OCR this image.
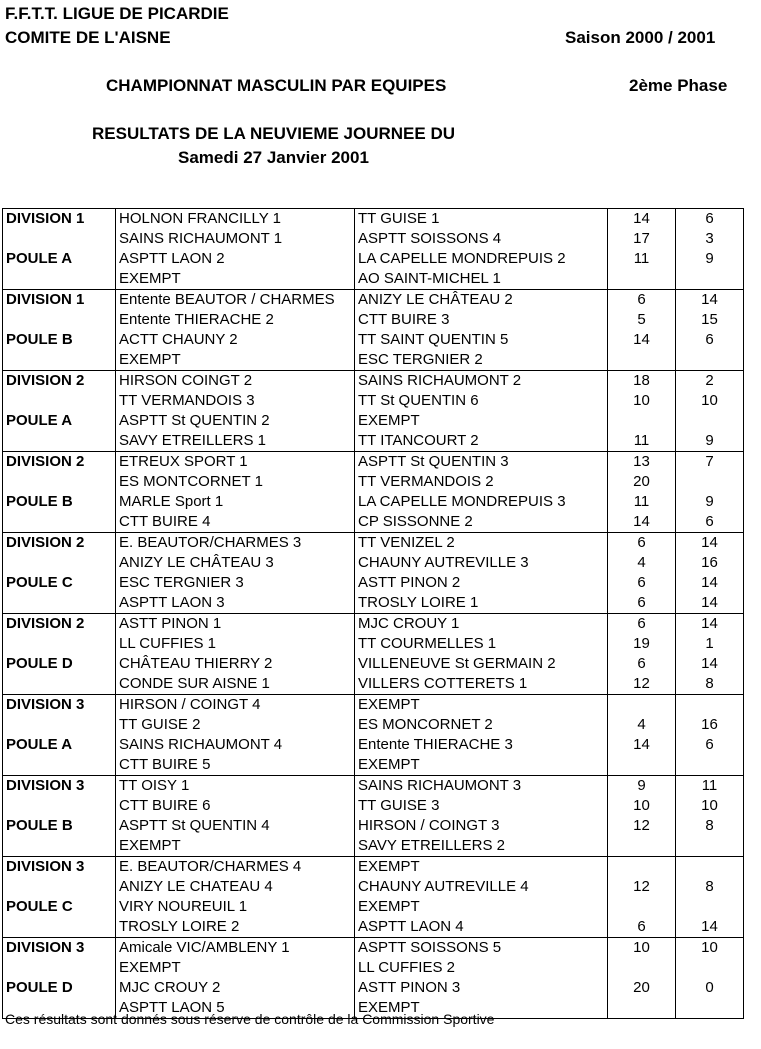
F.F.T.T. LIGUE DE PICARDIE
COMITE DE L'AISNE	Saison 2000 / 2001
CHAMPIONNAT MASCULIN PAR EQUIPES	2ème Phase
RESULTATS DE LA NEUVIEME JOURNEE DU
Samedi 27 Janvier 2001
DIVISION 1	HOLNON FRANCILLY 1	TT GUISE 1	14	6
	SAINS RICHAUMONT 1	ASPTT SOISSONS 4	17	3
POULE A	ASPTT LAON 2	LA CAPELLE MONDREPUIS 2	11	9
	EXEMPT	AO SAINT-MICHEL 1		
DIVISION 1	Entente BEAUTOR / CHARMES	ANIZY LE CHÂTEAU 2	6	14
	Entente THIERACHE 2	CTT BUIRE 3	5	15
POULE B	ACTT CHAUNY 2	TT SAINT QUENTIN 5	14	6
	EXEMPT	ESC TERGNIER 2		
DIVISION 2	HIRSON COINGT 2	SAINS RICHAUMONT 2	18	2
	TT VERMANDOIS 3	TT St QUENTIN 6	10	10
POULE A	ASPTT St QUENTIN 2	EXEMPT		
	SAVY ETREILLERS 1	TT ITANCOURT 2	11	9
DIVISION 2	ETREUX SPORT 1	ASPTT St QUENTIN 3	13	7
	ES MONTCORNET 1	TT VERMANDOIS 2	20	
POULE B	MARLE Sport 1	LA CAPELLE MONDREPUIS 3	11	9
	CTT BUIRE 4	CP SISSONNE 2	14	6
DIVISION 2	E. BEAUTOR/CHARMES 3	TT VENIZEL 2	6	14
	ANIZY LE CHÂTEAU 3	CHAUNY AUTREVILLE 3	4	16
POULE C	ESC TERGNIER 3	ASTT PINON 2	6	14
	ASPTT LAON 3	TROSLY LOIRE 1	6	14
DIVISION 2	ASTT PINON 1	MJC CROUY 1	6	14
	LL CUFFIES 1	TT COURMELLES 1	19	1
POULE D	CHÂTEAU THIERRY 2	VILLENEUVE St GERMAIN 2	6	14
	CONDE SUR AISNE 1	VILLERS COTTERETS 1	12	8
DIVISION 3	HIRSON / COINGT 4	EXEMPT		
	TT GUISE 2	ES MONCORNET 2	4	16
POULE A	SAINS RICHAUMONT 4	Entente THIERACHE 3	14	6
	CTT BUIRE 5	EXEMPT		
DIVISION 3	TT OISY 1	SAINS RICHAUMONT 3	9	11
	CTT BUIRE 6	TT GUISE 3	10	10
POULE B	ASPTT St QUENTIN 4	HIRSON / COINGT 3	12	8
	EXEMPT	SAVY ETREILLERS 2		
DIVISION 3	E. BEAUTOR/CHARMES 4	EXEMPT		
	ANIZY LE CHATEAU 4	CHAUNY AUTREVILLE 4	12	8
POULE C	VIRY NOUREUIL 1	EXEMPT		
	TROSLY LOIRE 2	ASPTT LAON 4	6	14
DIVISION 3	Amicale VIC/AMBLENY 1	ASPTT SOISSONS 5	10	10
	EXEMPT	LL CUFFIES 2		
POULE D	MJC CROUY 2	ASTT PINON 3	20	0
	ASPTT LAON 5	EXEMPT		
Ces résultats sont donnés sous réserve de contrôle de la Commission Sportive
